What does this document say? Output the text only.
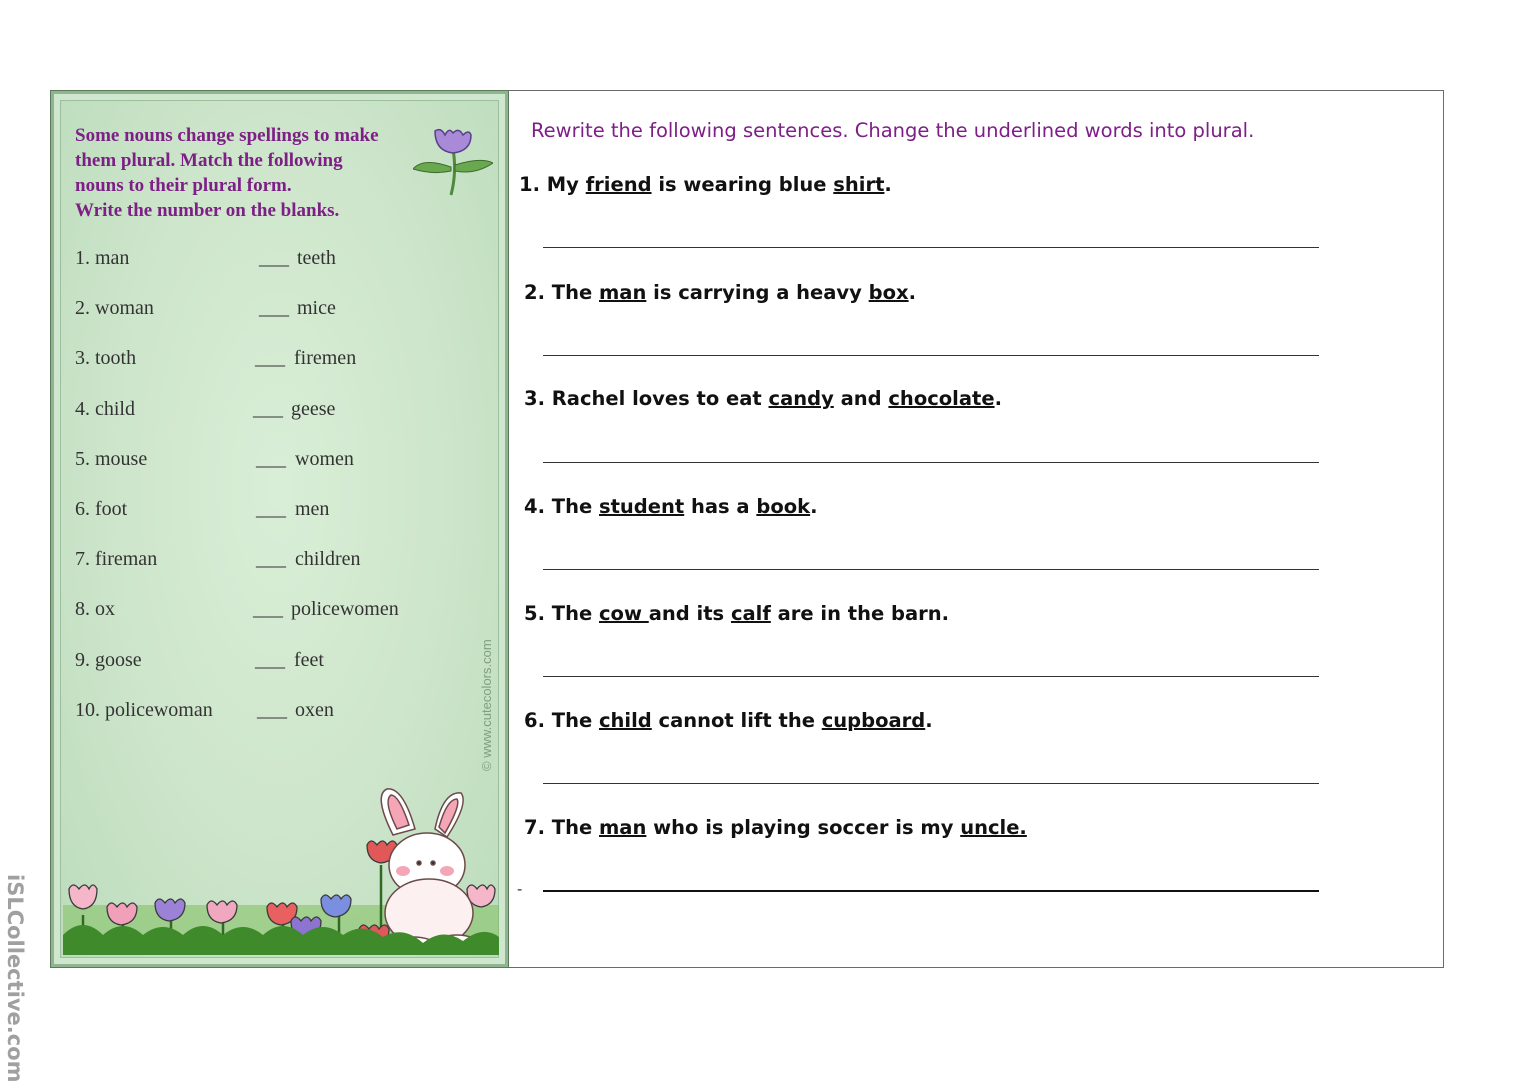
Some nouns change spellings to make
them plural. Match the following
nouns to their plural form.
Write the number on the blanks.

1. man	___ teeth
2. woman	___ mice
3. tooth	___ firemen
4. child	___ geese
5. mouse	___ women
6. foot	___ men
7. fireman	___ children
8. ox	___ policewomen
9. goose	___ feet
10. policewoman ___ oxen	© www.cutecolors.com
Rewrite the following sentences. Change the underlined words into plural.
1. My friend is wearing blue shirt.
2. The man is carrying a heavy box.
3. Rachel loves to eat candy and chocolate.
4. The student has a book.
5. The cow and its calf are in the barn.
6. The child cannot lift the cupboard.
7. The man who is playing soccer is my uncle.
-
iSLCollective.com
